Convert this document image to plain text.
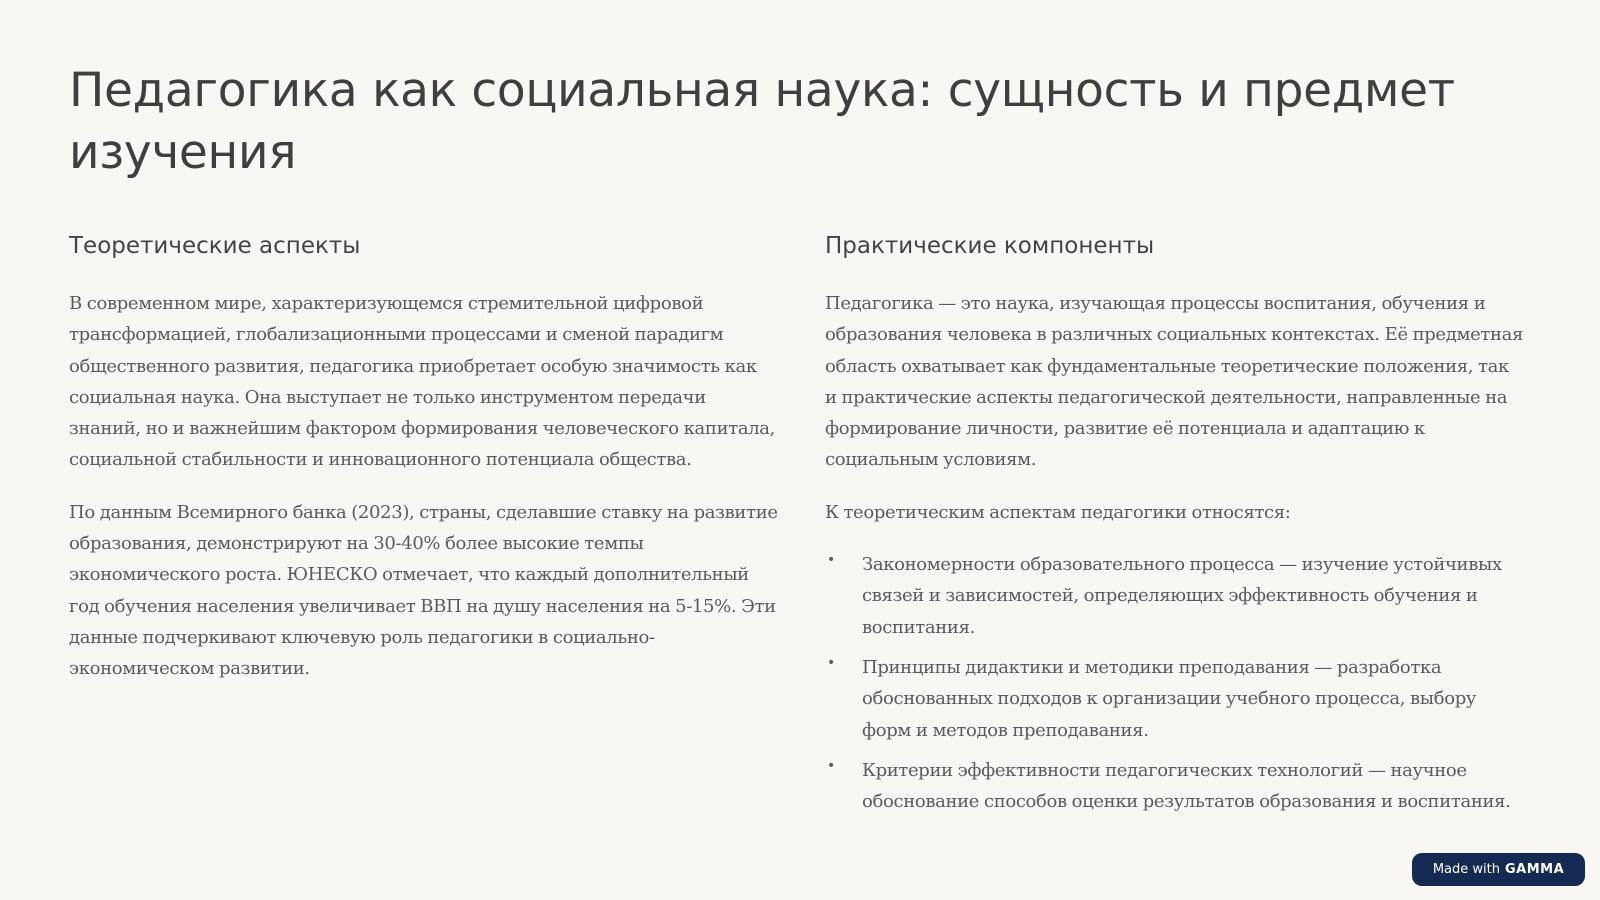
Педагогика как социальная наука: сущность и предмет изучения
Теоретические аспекты

В современном мире, характеризующемся стремительной цифровой трансформацией, глобализационными процессами и сменой парадигм общественного развития, педагогика приобретает особую значимость как социальная наука. Она выступает не только инструментом передачи знаний, но и важнейшим фактором формирования человеческого капитала, социальной стабильности и инновационного потенциала общества.

По данным Всемирного банка (2023), страны, сделавшие ставку на развитие образования, демонстрируют на 30-40% более высокие темпы экономического роста. ЮНЕСКО отмечает, что каждый дополнительный год обучения населения увеличивает ВВП на душу населения на 5-15%. Эти данные подчеркивают ключевую роль педагогики в социально-экономическом развитии.

Практические компоненты

Педагогика — это наука, изучающая процессы воспитания, обучения и образования человека в различных социальных контекстах. Её предметная область охватывает как фундаментальные теоретические положения, так и практические аспекты педагогической деятельности, направленные на формирование личности, развитие её потенциала и адаптацию к социальным условиям.

К теоретическим аспектам педагогики относятся:

• Закономерности образовательного процесса — изучение устойчивых связей и зависимостей, определяющих эффективность обучения и воспитания.
• Принципы дидактики и методики преподавания — разработка обоснованных подходов к организации учебного процесса, выбору форм и методов преподавания.
• Критерии эффективности педагогических технологий — научное обоснование способов оценки результатов образования и воспитания.
Made with GAMMA
